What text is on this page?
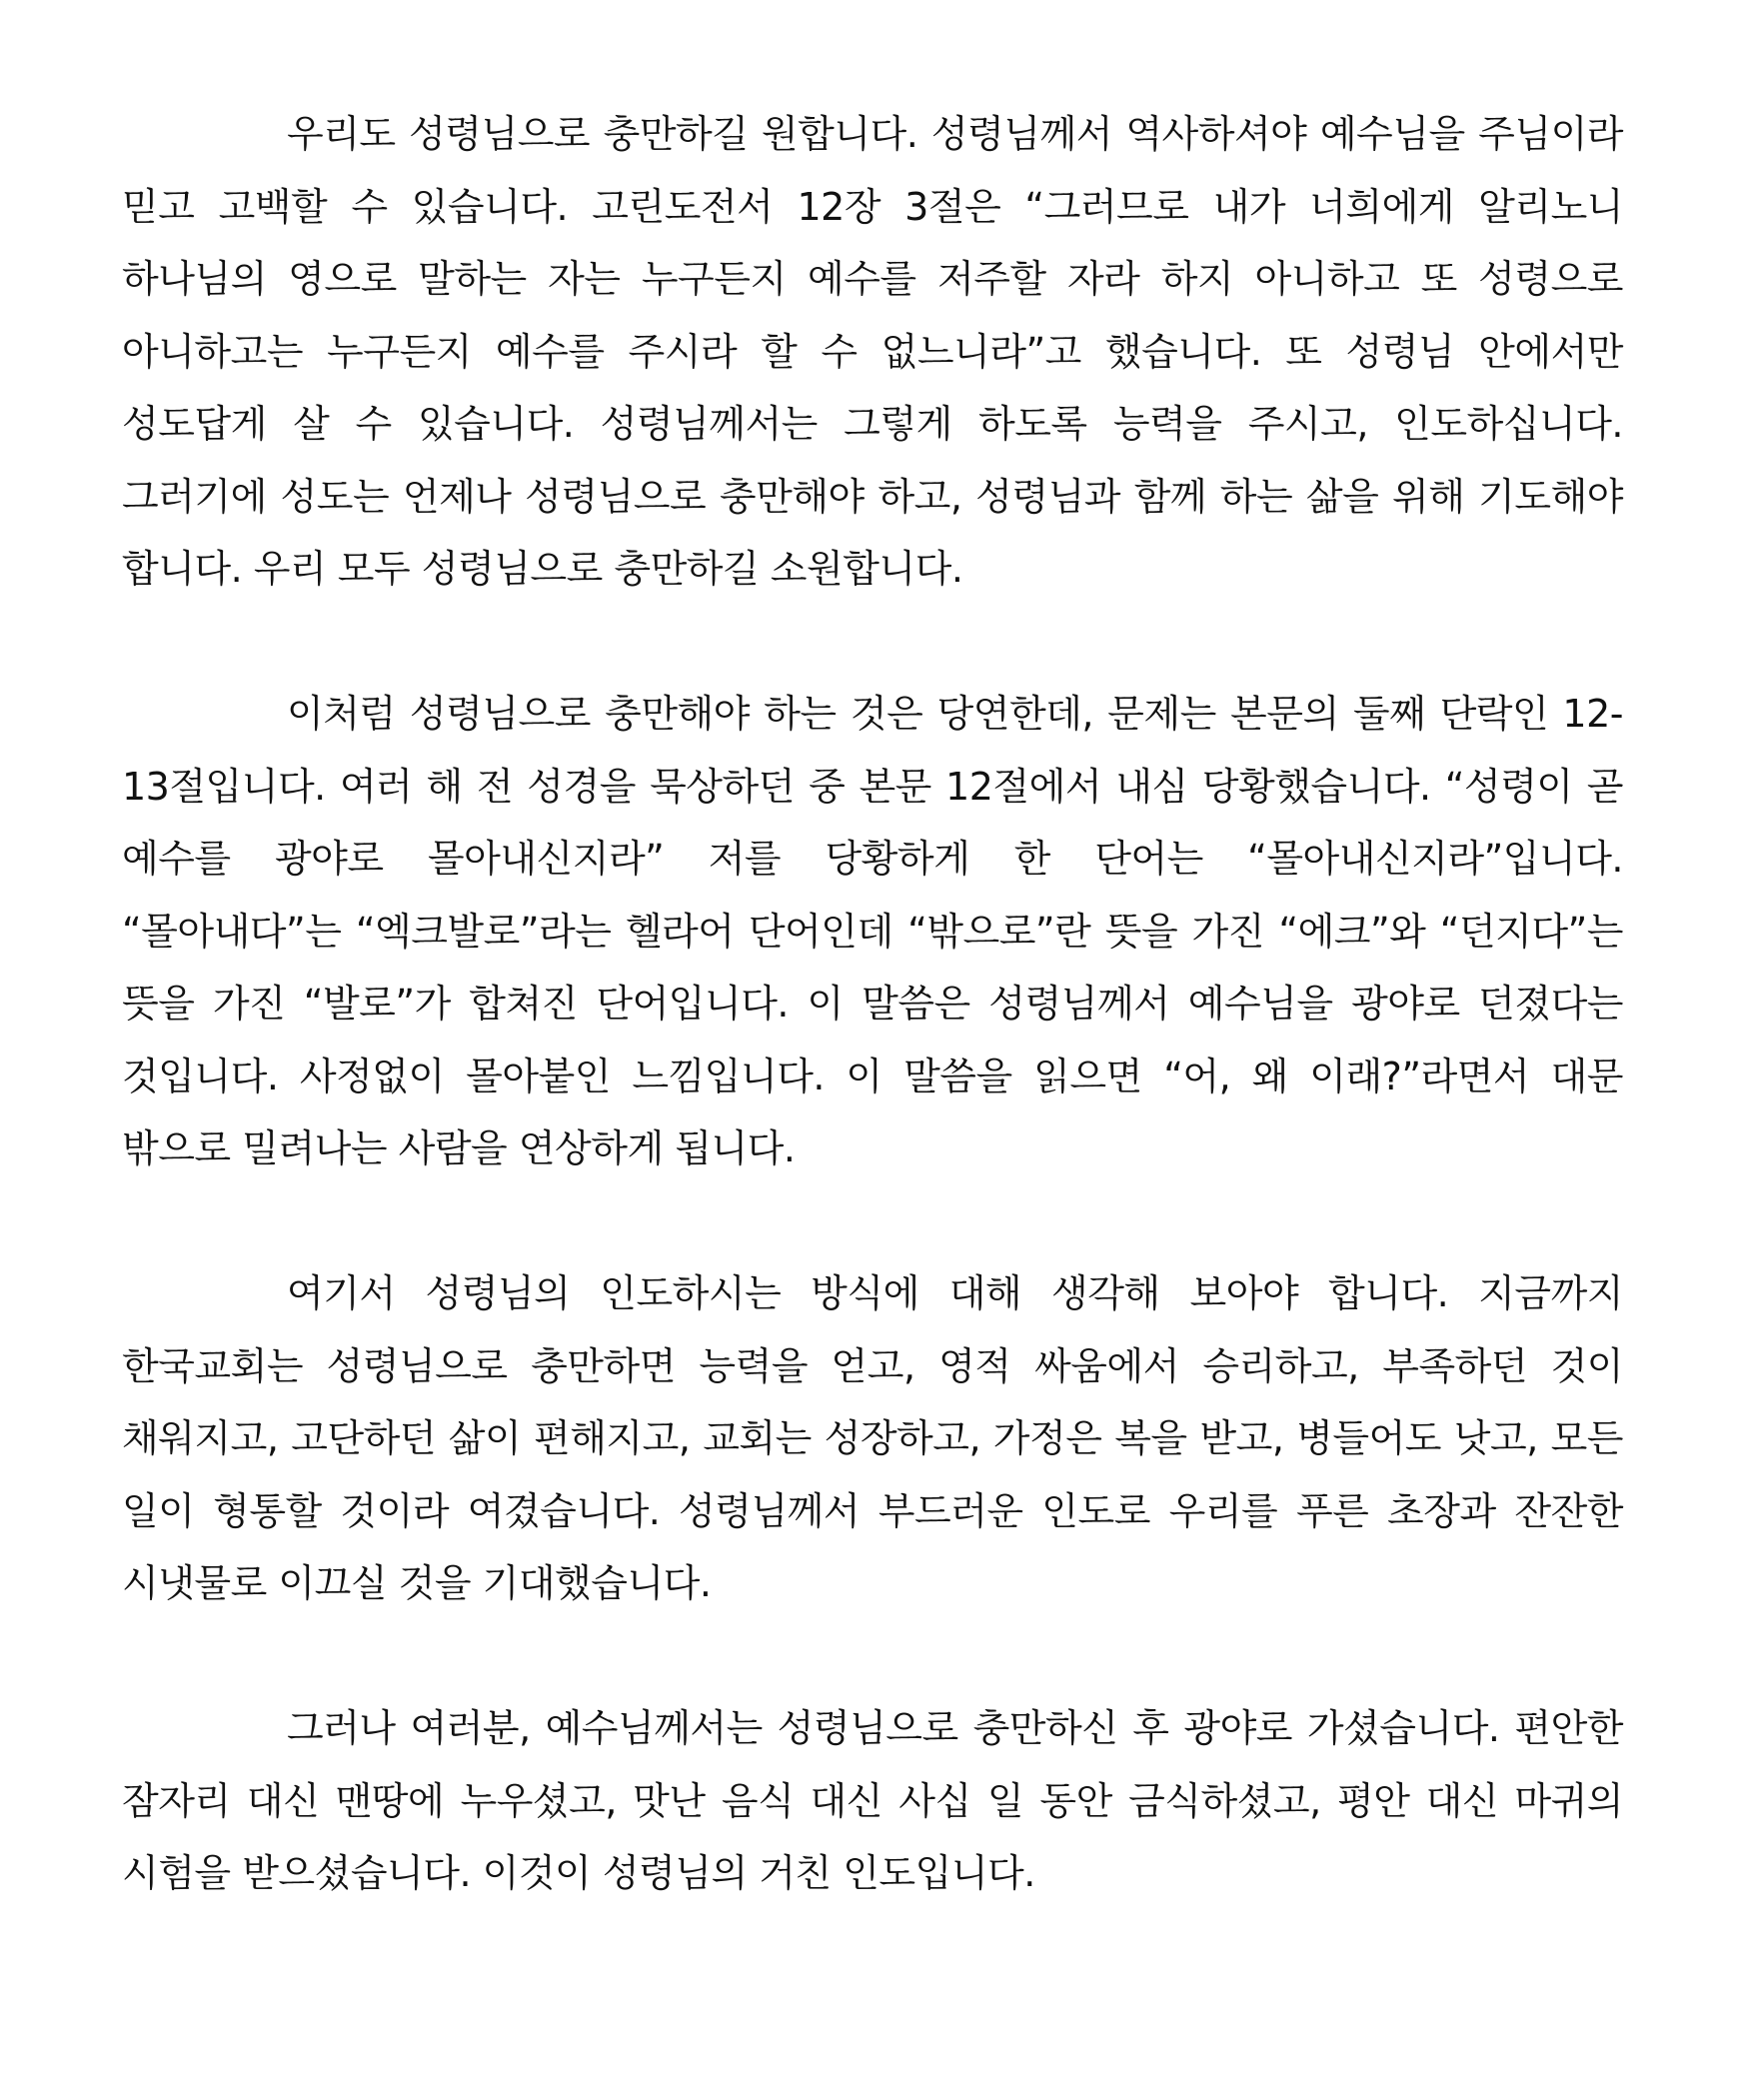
우리도 성령님으로 충만하길 원합니다. 성령님께서 역사하셔야 예수님을 주님이라 믿고 고백할 수 있습니다. 고린도전서 12장 3절은 “그러므로 내가 너희에게 알리노니 하나님의 영으로 말하는 자는 누구든지 예수를 저주할 자라 하지 아니하고 또 성령으로 아니하고는 누구든지 예수를 주시라 할 수 없느니라”고 했습니다. 또 성령님 안에서만 성도답게 살 수 있습니다. 성령님께서는 그렇게 하도록 능력을 주시고, 인도하십니다. 그러기에 성도는 언제나 성령님으로 충만해야 하고, 성령님과 함께 하는 삶을 위해 기도해야 합니다. 우리 모두 성령님으로 충만하길 소원합니다.

이처럼 성령님으로 충만해야 하는 것은 당연한데, 문제는 본문의 둘째 단락인 12-13절입니다. 여러 해 전 성경을 묵상하던 중 본문 12절에서 내심 당황했습니다. “성령이 곧 예수를 광야로 몰아내신지라” 저를 당황하게 한 단어는 “몰아내신지라”입니다. “몰아내다”는 “엑크발로”라는 헬라어 단어인데 “밖으로”란 뜻을 가진 “에크”와 “던지다”는 뜻을 가진 “발로”가 합쳐진 단어입니다. 이 말씀은 성령님께서 예수님을 광야로 던졌다는 것입니다. 사정없이 몰아붙인 느낌입니다. 이 말씀을 읽으면 “어, 왜 이래?”라면서 대문 밖으로 밀려나는 사람을 연상하게 됩니다.

여기서 성령님의 인도하시는 방식에 대해 생각해 보아야 합니다. 지금까지 한국교회는 성령님으로 충만하면 능력을 얻고, 영적 싸움에서 승리하고, 부족하던 것이 채워지고, 고단하던 삶이 편해지고, 교회는 성장하고, 가정은 복을 받고, 병들어도 낫고, 모든 일이 형통할 것이라 여겼습니다. 성령님께서 부드러운 인도로 우리를 푸른 초장과 잔잔한 시냇물로 이끄실 것을 기대했습니다.

그러나 여러분, 예수님께서는 성령님으로 충만하신 후 광야로 가셨습니다. 편안한 잠자리 대신 맨땅에 누우셨고, 맛난 음식 대신 사십 일 동안 금식하셨고, 평안 대신 마귀의 시험을 받으셨습니다. 이것이 성령님의 거친 인도입니다.
